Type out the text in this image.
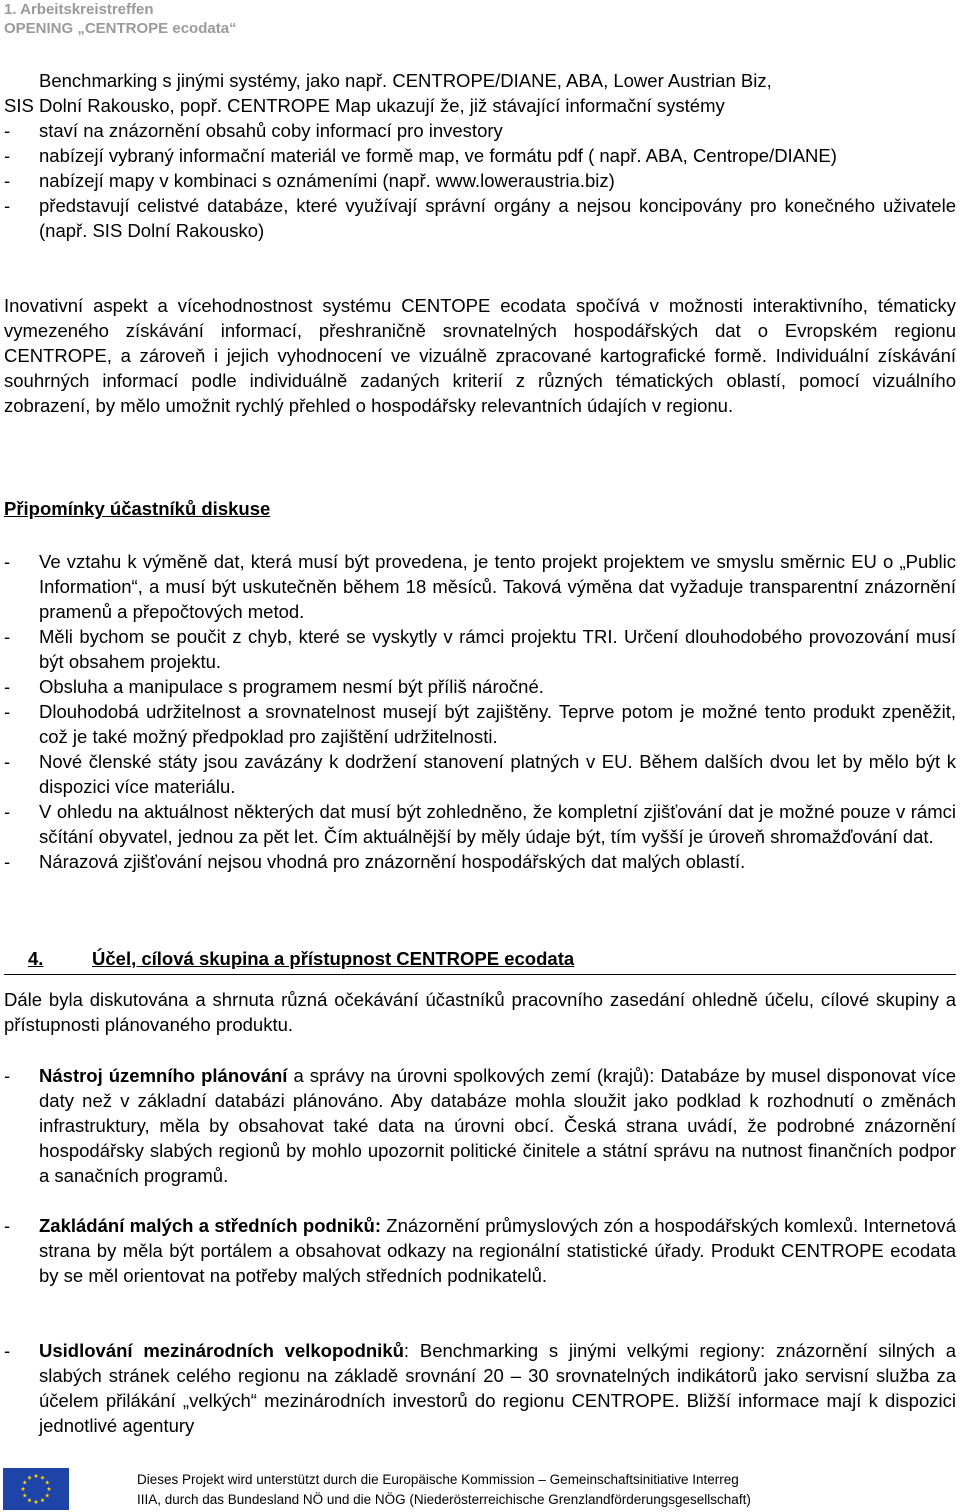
1. Arbeitskreistreffen
OPENING „CENTROPE ecodata“

Benchmarking s jinými systémy, jako např. CENTROPE/DIANE, ABA, Lower Austrian Biz,

SIS Dolní Rakousko, popř. CENTROPE Map ukazují že, již stávající informační systémy

- staví na znázornění obsahů coby informací pro investory
- nabízejí vybraný informační materiál ve formě map, ve formátu pdf ( např. ABA, Centrope/DIANE)
- nabízejí mapy v kombinaci s oznámeními (např. www.loweraustria.biz)
- představují celistvé databáze, které využívají správní orgány a nejsou koncipovány pro konečného uživatele (např. SIS Dolní Rakousko)

Inovativní aspekt a vícehodnostnost systému CENTOPE ecodata spočívá v možnosti interaktivního, tématicky vymezeného získávání informací, přeshraničně srovnatelných hospodářských dat o Evropském regionu CENTROPE, a zároveň i jejich vyhodnocení ve vizuálně zpracované kartografické formě. Individuální získávání souhrných informací podle individuálně zadaných kriterií z různých tématických oblastí, pomocí vizuálního zobrazení, by mělo umožnit rychlý přehled o hospodářsky relevantních údajích v regionu.

Připomínky účastníků diskuse

- Ve vztahu k výměně dat, která musí být provedena, je tento projekt projektem ve smyslu směrnic EU o „Public Information“, a musí být uskutečněn během 18 měsíců. Taková výměna dat vyžaduje transparentní znázornění pramenů a přepočtových metod.
- Měli bychom se poučit z chyb, které se vyskytly v rámci projektu TRI. Určení dlouhodobého provozování musí být obsahem projektu.
- Obsluha a manipulace s programem nesmí být příliš náročné.
- Dlouhodobá udržitelnost a srovnatelnost musejí být zajištěny. Teprve potom je možné tento produkt zpeněžit, což je také možný předpoklad pro zajištění udržitelnosti.
- Nové členské státy jsou zavázány k dodržení stanovení platných v EU. Během dalších dvou let by mělo být k dispozici více materiálu.
- V ohledu na aktuálnost některých dat musí být zohledněno, že kompletní zjišťování dat je možné pouze v rámci sčítání obyvatel, jednou za pět let. Čím aktuálnější by měly údaje být, tím vyšší je úroveň shromažďování dat.
- Nárazová zjišťování nejsou vhodná pro znázornění hospodářských dat malých oblastí.
4.	Účel, cílová skupina a přístupnost CENTROPE ecodata

Dále byla diskutována a shrnuta různá očekávání účastníků pracovního zasedání ohledně účelu, cílové skupiny a přístupnosti plánovaného produktu.

- Nástroj územního plánování a správy na úrovni spolkových zemí (krajů): Databáze by musel disponovat více daty než v základní databázi plánováno. Aby databáze mohla sloužit jako podklad k rozhodnutí o změnách infrastruktury, měla by obsahovat také data na úrovni obcí. Česká strana uvádí, že podrobné znázornění hospodářsky slabých regionů by mohlo upozornit politické činitele a státní správu na nutnost finančních podpor a sanačních programů.
- Zakládání malých a středních podniků: Znázornění průmyslových zón a hospodářských komlexů. Internetová strana by měla být portálem a obsahovat odkazy na regionální statistické úřady. Produkt CENTROPE ecodata by se měl orientovat na potřeby malých středních podnikatelů.
- Usidlování mezinárodních velkopodniků: Benchmarking s jinými velkými regiony: znázornění silných a slabých stránek celého regionu na základě srovnání 20 – 30 srovnatelných indikátorů jako servisní služba za účelem přilákání „velkých“ mezinárodních investorů do regionu CENTROPE. Bližší informace mají k dispozici jednotlivé agentury
Dieses Projekt wird unterstützt durch die Europäische Kommission – Gemeinschaftsinitiative Interreg
IIIA, durch das Bundesland NÖ und die NÖG (Niederösterreichische Grenzlandförderungsgesellschaft)
